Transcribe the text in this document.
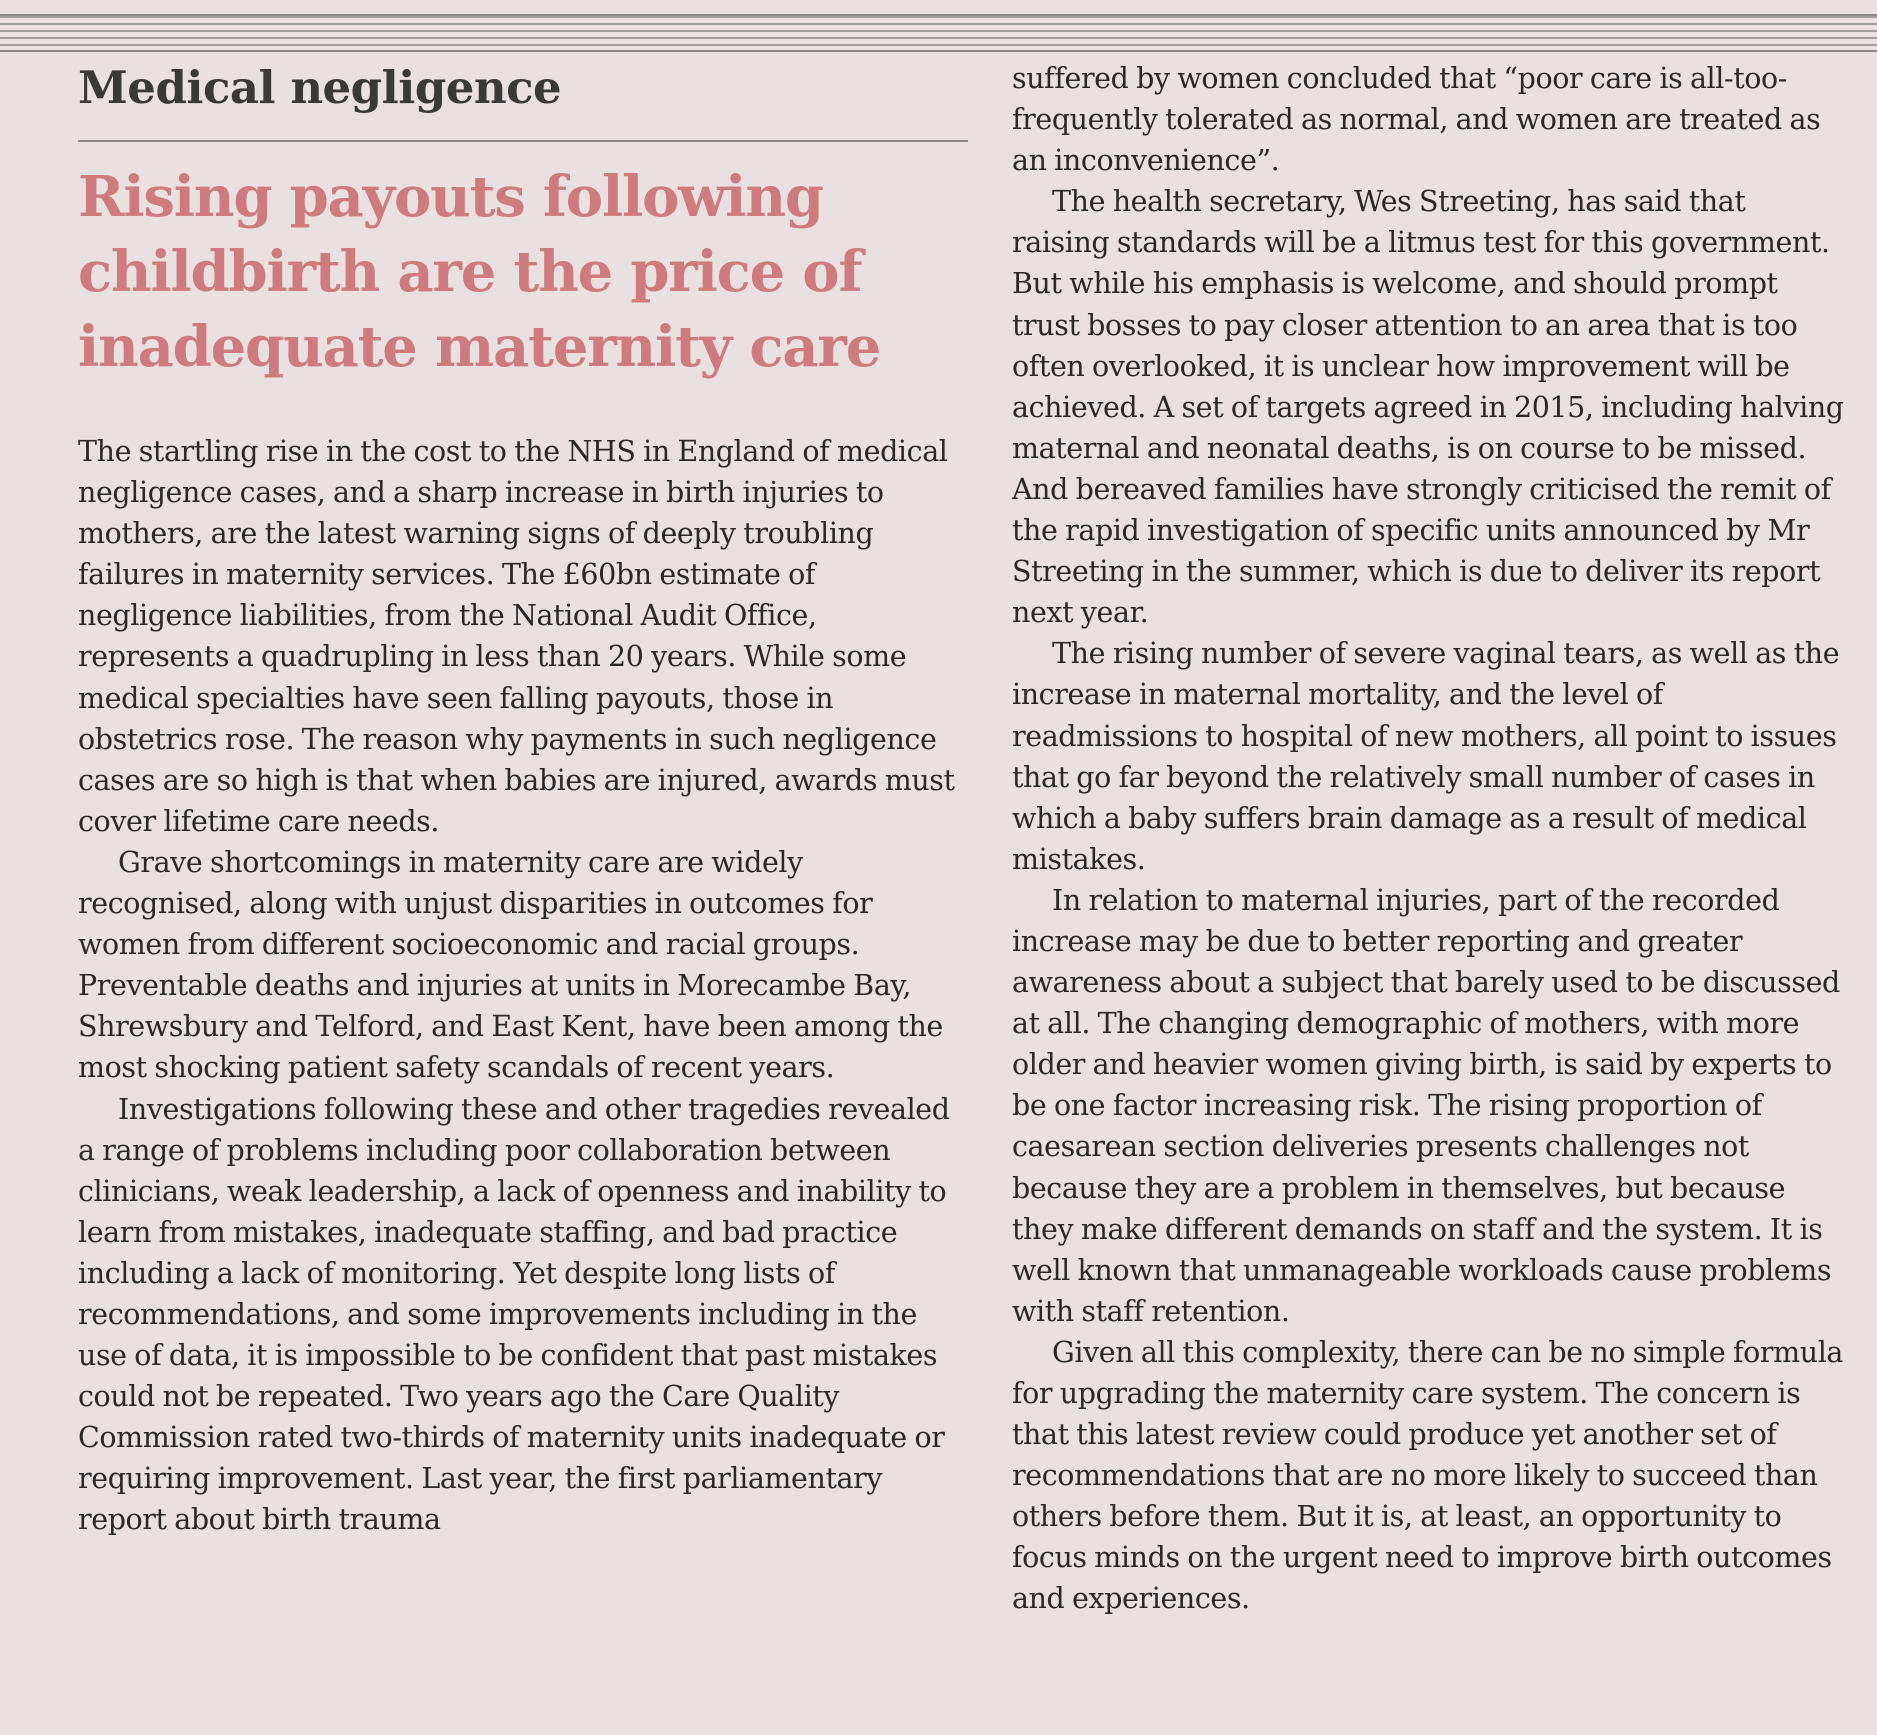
Medical negligence
Rising payouts following childbirth are the price of inadequate maternity care

The startling rise in the cost to the NHS in England of medical negligence cases, and a sharp increase in birth injuries to mothers, are the latest warning signs of deeply troubling failures in maternity services. The £60bn estimate of negligence liabilities, from the National Audit Office, represents a quadrupling in less than 20 years. While some medical specialties have seen falling payouts, those in obstetrics rose. The reason why payments in such negligence cases are so high is that when babies are injured, awards must cover lifetime care needs.

Grave shortcomings in maternity care are widely recognised, along with unjust disparities in outcomes for women from different socioeconomic and racial groups. Preventable deaths and injuries at units in Morecambe Bay, Shrewsbury and Telford, and East Kent, have been among the most shocking patient safety scandals of recent years.

Investigations following these and other tragedies revealed a range of problems including poor collaboration between clinicians, weak leadership, a lack of openness and inability to learn from mistakes, inadequate staffing, and bad practice including a lack of monitoring. Yet despite long lists of recommendations, and some improvements including in the use of data, it is impossible to be confident that past mistakes could not be repeated. Two years ago the Care Quality Commission rated two-thirds of maternity units inadequate or requiring improvement. Last year, the first parliamentary report about birth trauma

suffered by women concluded that “poor care is all-too-frequently tolerated as normal, and women are treated as an inconvenience”.

The health secretary, Wes Streeting, has said that raising standards will be a litmus test for this government. But while his emphasis is welcome, and should prompt trust bosses to pay closer attention to an area that is too often overlooked, it is unclear how improvement will be achieved. A set of targets agreed in 2015, including halving maternal and neonatal deaths, is on course to be missed. And bereaved families have strongly criticised the remit of the rapid investigation of specific units announced by Mr Streeting in the summer, which is due to deliver its report next year.

The rising number of severe vaginal tears, as well as the increase in maternal mortality, and the level of readmissions to hospital of new mothers, all point to issues that go far beyond the relatively small number of cases in which a baby suffers brain damage as a result of medical mistakes.

In relation to maternal injuries, part of the recorded increase may be due to better reporting and greater awareness about a subject that barely used to be discussed at all. The changing demographic of mothers, with more older and heavier women giving birth, is said by experts to be one factor increasing risk. The rising proportion of caesarean section deliveries presents challenges not because they are a problem in themselves, but because they make different demands on staff and the system. It is well known that unmanageable workloads cause problems with staff retention.

Given all this complexity, there can be no simple formula for upgrading the maternity care system. The concern is that this latest review could produce yet another set of recommendations that are no more likely to succeed than others before them. But it is, at least, an opportunity to focus minds on the urgent need to improve birth outcomes and experiences.
